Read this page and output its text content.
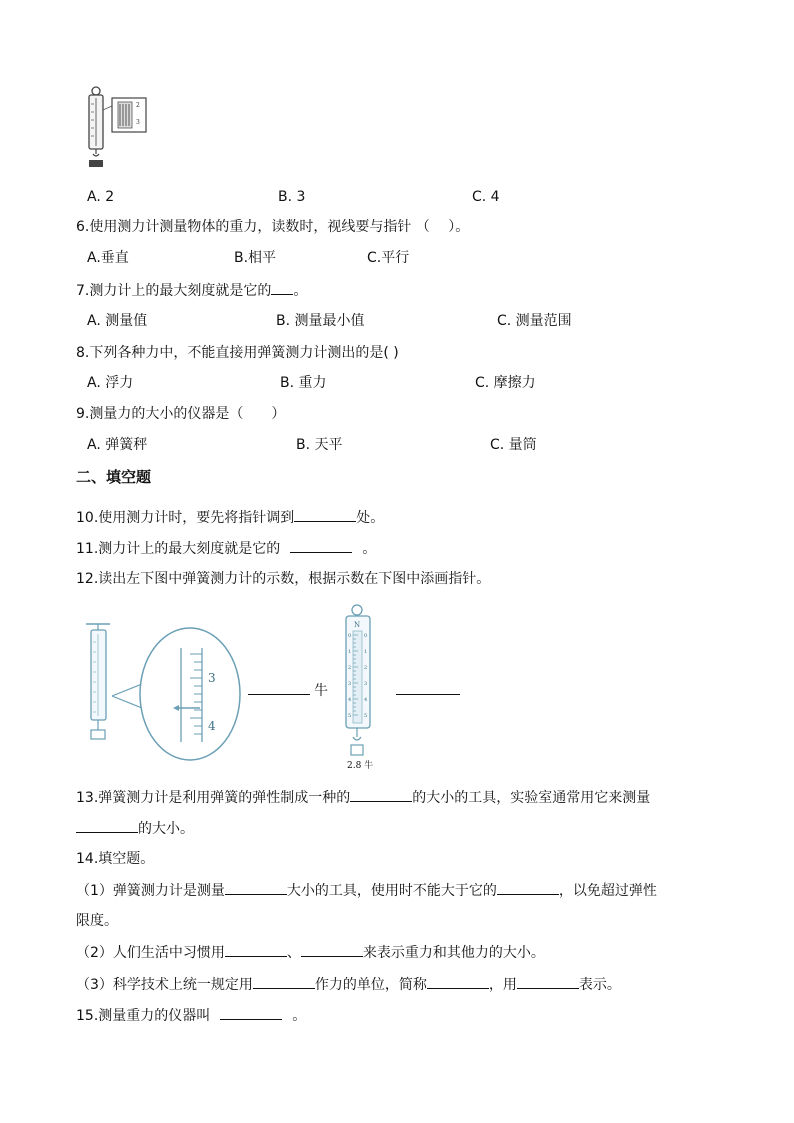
2
3
A. 2	B. 3	C. 4
6.使用测力计测量物体的重力，读数时，视线要与指针 （　 ）。
A.垂直	B.相平	C.平行
7.测力计上的最大刻度就是它的 。
A. 测量值	B. 测量最小值	C. 测量范围
8.下列各种力中，不能直接用弹簧测力计测出的是( )
A. 浮力	B. 重力	C. 摩擦力
9.测量力的大小的仪器是（　　）
A. 弹簧秤	B. 天平	C. 量筒
二、填空题
10.使用测力计时，要先将指针调到	处。
11.测力计上的最大刻度就是它的	。
12.读出左下图中弹簧测力计的示数，根据示数在下图中添画指针。
3
4
牛
N
0
1
2
3
4
5
0
1
2
3
4
5
2.8 牛
13.弹簧测力计是利用弹簧的弹性制成一种的	的大小的工具，实验室通常用它来测量
的大小。
14.填空题。
（1）弹簧测力计是测量	大小的工具，使用时不能大于它的	，以免超过弹性
限度。
（2）人们生活中习惯用	、	来表示重力和其他力的大小。
（3）科学技术上统一规定用	作力的单位，简称	，用	表示。
15.测量重力的仪器叫	。
